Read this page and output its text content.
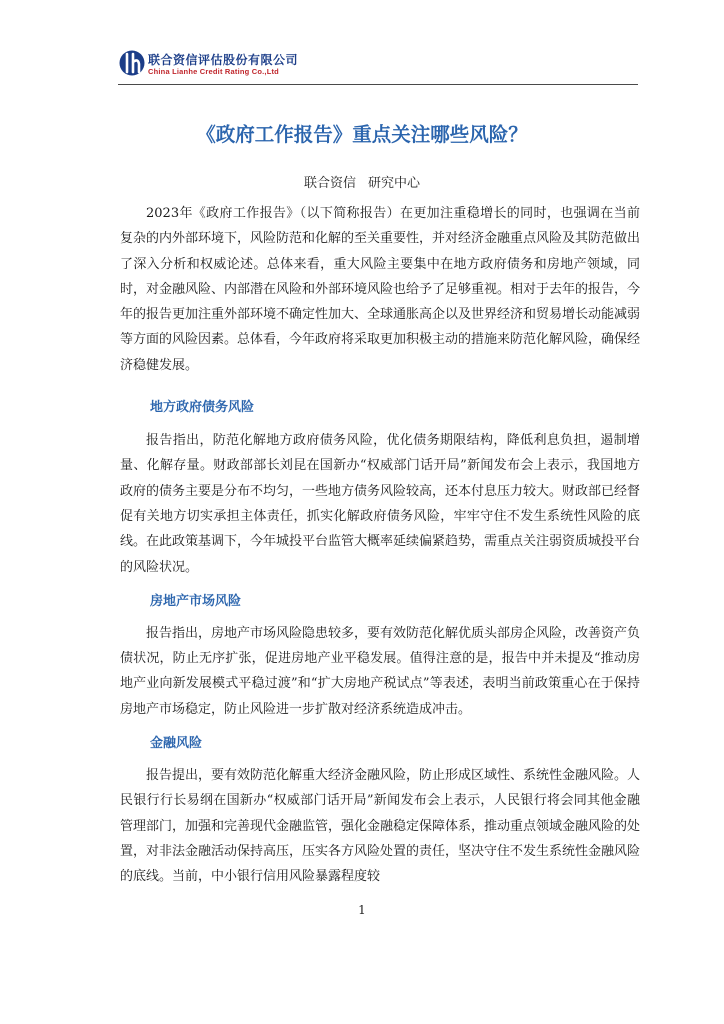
联合资信评估股份有限公司
China Lianhe Credit Rating Co.,Ltd
《政府工作报告》重点关注哪些风险？
联合资信 研究中心

2023年《政府工作报告》（以下简称报告）在更加注重稳增长的同时，也强调在当前复杂的内外部环境下，风险防范和化解的至关重要性，并对经济金融重点风险及其防范做出了深入分析和权威论述。总体来看，重大风险主要集中在地方政府债务和房地产领域，同时，对金融风险、内部潜在风险和外部环境风险也给予了足够重视。相对于去年的报告，今年的报告更加注重外部环境不确定性加大、全球通胀高企以及世界经济和贸易增长动能减弱等方面的风险因素。总体看，今年政府将采取更加积极主动的措施来防范化解风险，确保经济稳健发展。

地方政府债务风险

报告指出，防范化解地方政府债务风险，优化债务期限结构，降低利息负担，遏制增量、化解存量。财政部部长刘昆在国新办“权威部门话开局”新闻发布会上表示，我国地方政府的债务主要是分布不均匀，一些地方债务风险较高，还本付息压力较大。财政部已经督促有关地方切实承担主体责任，抓实化解政府债务风险，牢牢守住不发生系统性风险的底线。在此政策基调下，今年城投平台监管大概率延续偏紧趋势，需重点关注弱资质城投平台的风险状况。

房地产市场风险

报告指出，房地产市场风险隐患较多，要有效防范化解优质头部房企风险，改善资产负债状况，防止无序扩张，促进房地产业平稳发展。值得注意的是，报告中并未提及“推动房地产业向新发展模式平稳过渡”和“扩大房地产税试点”等表述，表明当前政策重心在于保持房地产市场稳定，防止风险进一步扩散对经济系统造成冲击。

金融风险

报告提出，要有效防范化解重大经济金融风险，防止形成区域性、系统性金融风险。人民银行行长易纲在国新办“权威部门话开局”新闻发布会上表示，人民银行将会同其他金融管理部门，加强和完善现代金融监管，强化金融稳定保障体系，推动重点领域金融风险的处置，对非法金融活动保持高压，压实各方风险处置的责任，坚决守住不发生系统性金融风险的底线。当前，中小银行信用风险暴露程度较

1
